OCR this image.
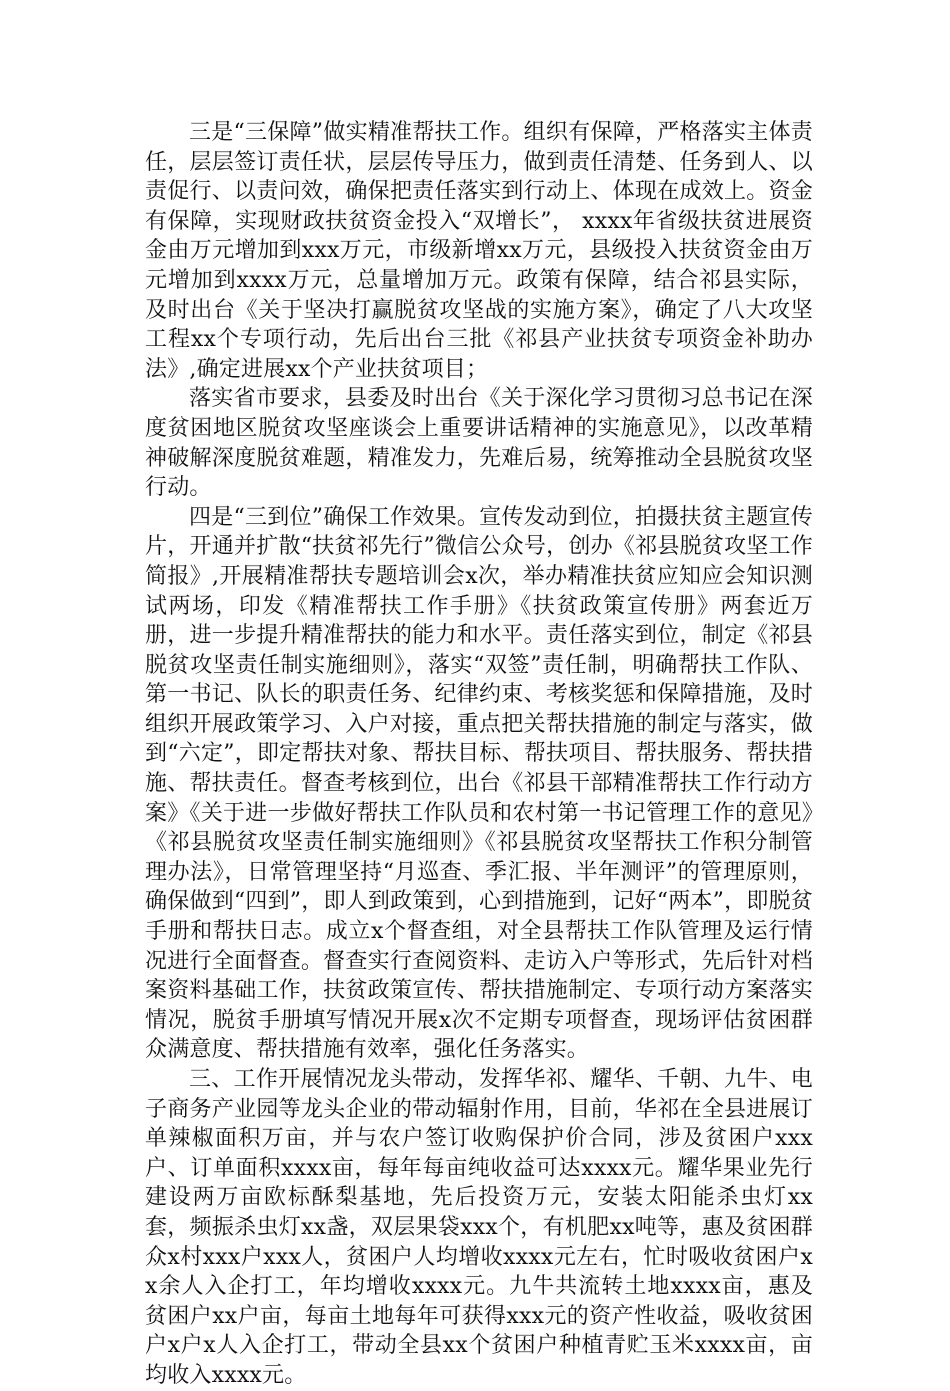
三是“三保障”做实精准帮扶工作。组织有保障，严格落实主体责任，层层签订责任状，层层传导压力，做到责任清楚、任务到人、以责促行、以责问效，确保把责任落实到行动上、体现在成效上。资金有保障，实现财政扶贫资金投入“双增长”， xxxx年省级扶贫进展资金由万元增加到xxx万元，市级新增xx万元，县级投入扶贫资金由万元增加到xxxx万元，总量增加万元。政策有保障，结合祁县实际，及时出台《关于坚决打赢脱贫攻坚战的实施方案》，确定了八大攻坚工程xx个专项行动，先后出台三批《祁县产业扶贫专项资金补助办法》,确定进展xx个产业扶贫项目；

落实省市要求，县委及时出台《关于深化学习贯彻习总书记在深度贫困地区脱贫攻坚座谈会上重要讲话精神的实施意见》，以改革精神破解深度脱贫难题，精准发力，先难后易，统筹推动全县脱贫攻坚行动。

四是“三到位”确保工作效果。宣传发动到位，拍摄扶贫主题宣传片，开通并扩散“扶贫祁先行”微信公众号，创办《祁县脱贫攻坚工作简报》,开展精准帮扶专题培训会x次，举办精准扶贫应知应会知识测试两场，印发《精准帮扶工作手册》《扶贫政策宣传册》两套近万册，进一步提升精准帮扶的能力和水平。责任落实到位，制定《祁县脱贫攻坚责任制实施细则》，落实“双签”责任制，明确帮扶工作队、第一书记、队长的职责任务、纪律约束、考核奖惩和保障措施，及时组织开展政策学习、入户对接，重点把关帮扶措施的制定与落实，做到“六定”，即定帮扶对象、帮扶目标、帮扶项目、帮扶服务、帮扶措施、帮扶责任。督查考核到位，出台《祁县干部精准帮扶工作行动方案》《关于进一步做好帮扶工作队员和农村第一书记管理工作的意见》《祁县脱贫攻坚责任制实施细则》《祁县脱贫攻坚帮扶工作积分制管理办法》，日常管理坚持“月巡查、季汇报、半年测评”的管理原则，确保做到“四到”，即人到政策到，心到措施到，记好“两本”，即脱贫手册和帮扶日志。成立x个督查组，对全县帮扶工作队管理及运行情况进行全面督查。督查实行查阅资料、走访入户等形式，先后针对档案资料基础工作，扶贫政策宣传、帮扶措施制定、专项行动方案落实情况，脱贫手册填写情况开展x次不定期专项督查，现场评估贫困群众满意度、帮扶措施有效率，强化任务落实。

三、工作开展情况龙头带动，发挥华祁、耀华、千朝、九牛、电子商务产业园等龙头企业的带动辐射作用，目前，华祁在全县进展订单辣椒面积万亩，并与农户签订收购保护价合同，涉及贫困户xxx户、订单面积xxxx亩，每年每亩纯收益可达xxxx元。耀华果业先行建设两万亩欧标酥梨基地，先后投资万元，安装太阳能杀虫灯xx套，频振杀虫灯xx盏，双层果袋xxx个，有机肥xx吨等，惠及贫困群众x村xxx户xxx人，贫困户人均增收xxxx元左右，忙时吸收贫困户xx余人入企打工，年均增收xxxx元。九牛共流转土地xxxx亩，惠及贫困户xx户亩，每亩土地每年可获得xxx元的资产性收益，吸收贫困户x户x人入企打工，带动全县xx个贫困户种植青贮玉米xxxx亩，亩均收入xxxx元。
